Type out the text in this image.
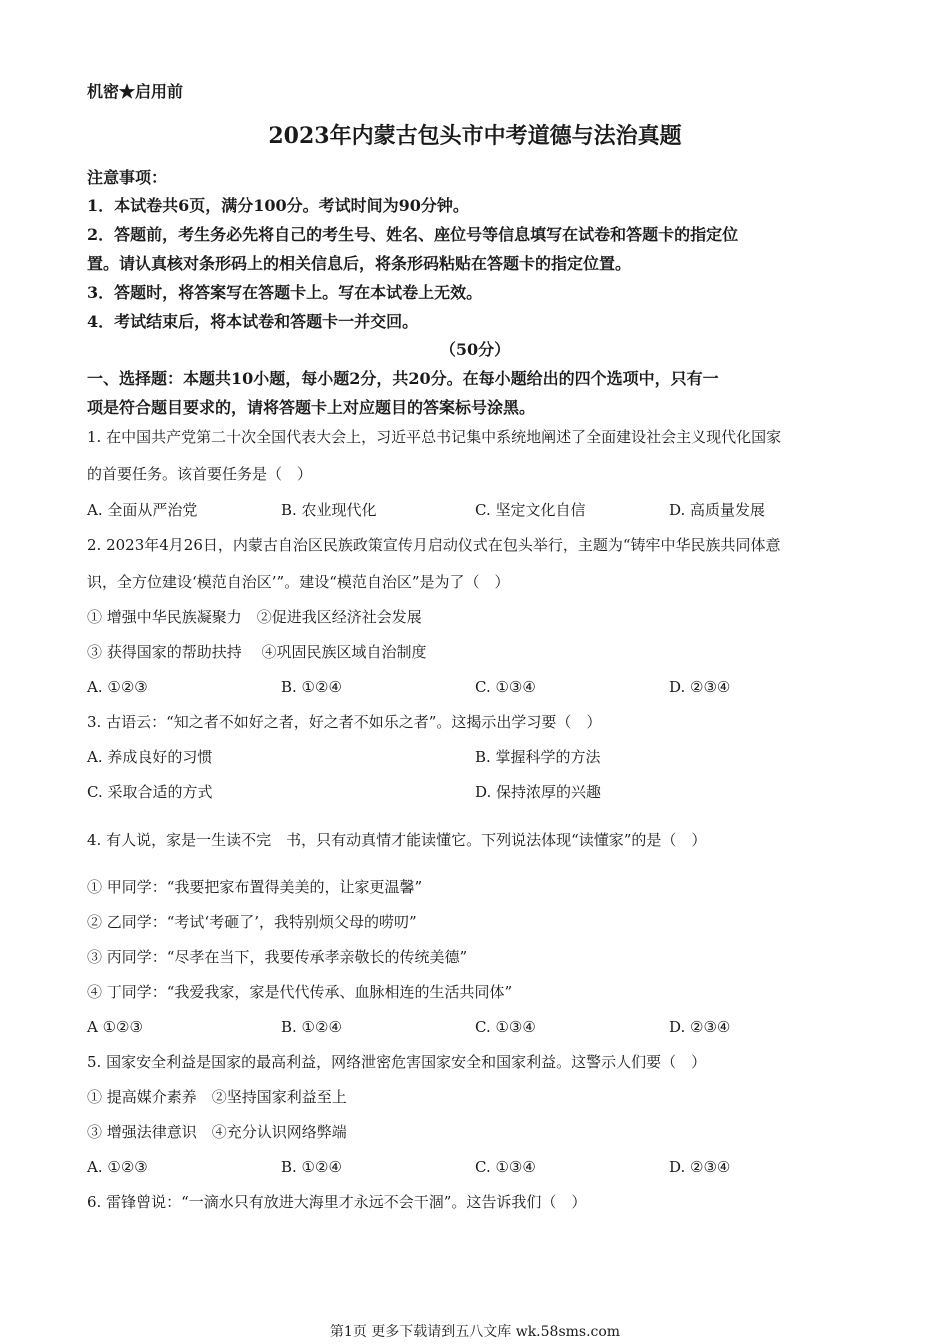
机密★启用前
2023年内蒙古包头市中考道德与法治真题
注意事项：
1．本试卷共6页，满分100分。考试时间为90分钟。
2．答题前，考生务必先将自己的考生号、姓名、座位号等信息填写在试卷和答题卡的指定位
置。请认真核对条形码上的相关信息后，将条形码粘贴在答题卡的指定位置。
3．答题时，将答案写在答题卡上。写在本试卷上无效。
4．考试结束后，将本试卷和答题卡一并交回。
（50分）
一、选择题：本题共10小题，每小题2分，共20分。在每小题给出的四个选项中，只有一
项是符合题目要求的，请将答题卡上对应题目的答案标号涂黑。
1. 在中国共产党第二十次全国代表大会上，习近平总书记集中系统地阐述了全面建设社会主义现代化国家
的首要任务。该首要任务是（　）
A. 全面从严治党	B. 农业现代化	C. 坚定文化自信	D. 高质量发展
2. 2023年4月26日，内蒙古自治区民族政策宣传月启动仪式在包头举行，主题为“铸牢中华民族共同体意
识，全方位建设‘模范自治区’”。建设“模范自治区”是为了（　）
① 增强中华民族凝聚力　②促进我区经济社会发展
③ 获得国家的帮助扶持　 ④巩固民族区域自治制度
A. ①②③	B. ①②④	C. ①③④	D. ②③④
3. 古语云：“知之者不如好之者，好之者不如乐之者”。这揭示出学习要（　）
A. 养成良好的习惯	B. 掌握科学的方法
C. 采取合适的方式	D. 保持浓厚的兴趣
4. 有人说，家是一生读不完　书，只有动真情才能读懂它。下列说法体现“读懂家”的是（　）
① 甲同学：“我要把家布置得美美的，让家更温馨”
② 乙同学：“考试‘考砸了’，我特别烦父母的唠叨”
③ 丙同学：“尽孝在当下，我要传承孝亲敬长的传统美德”
④ 丁同学：“我爱我家，家是代代传承、血脉相连的生活共同体”
A ①②③	B. ①②④	C. ①③④	D. ②③④
5. 国家安全利益是国家的最高利益，网络泄密危害国家安全和国家利益。这警示人们要（　）
① 提高媒介素养　②坚持国家利益至上
③ 增强法律意识　④充分认识网络弊端
A. ①②③	B. ①②④	C. ①③④	D. ②③④
6. 雷锋曾说：“一滴水只有放进大海里才永远不会干涸”。这告诉我们（　）
第1页 更多下载请到五八文库 wk.58sms.com
